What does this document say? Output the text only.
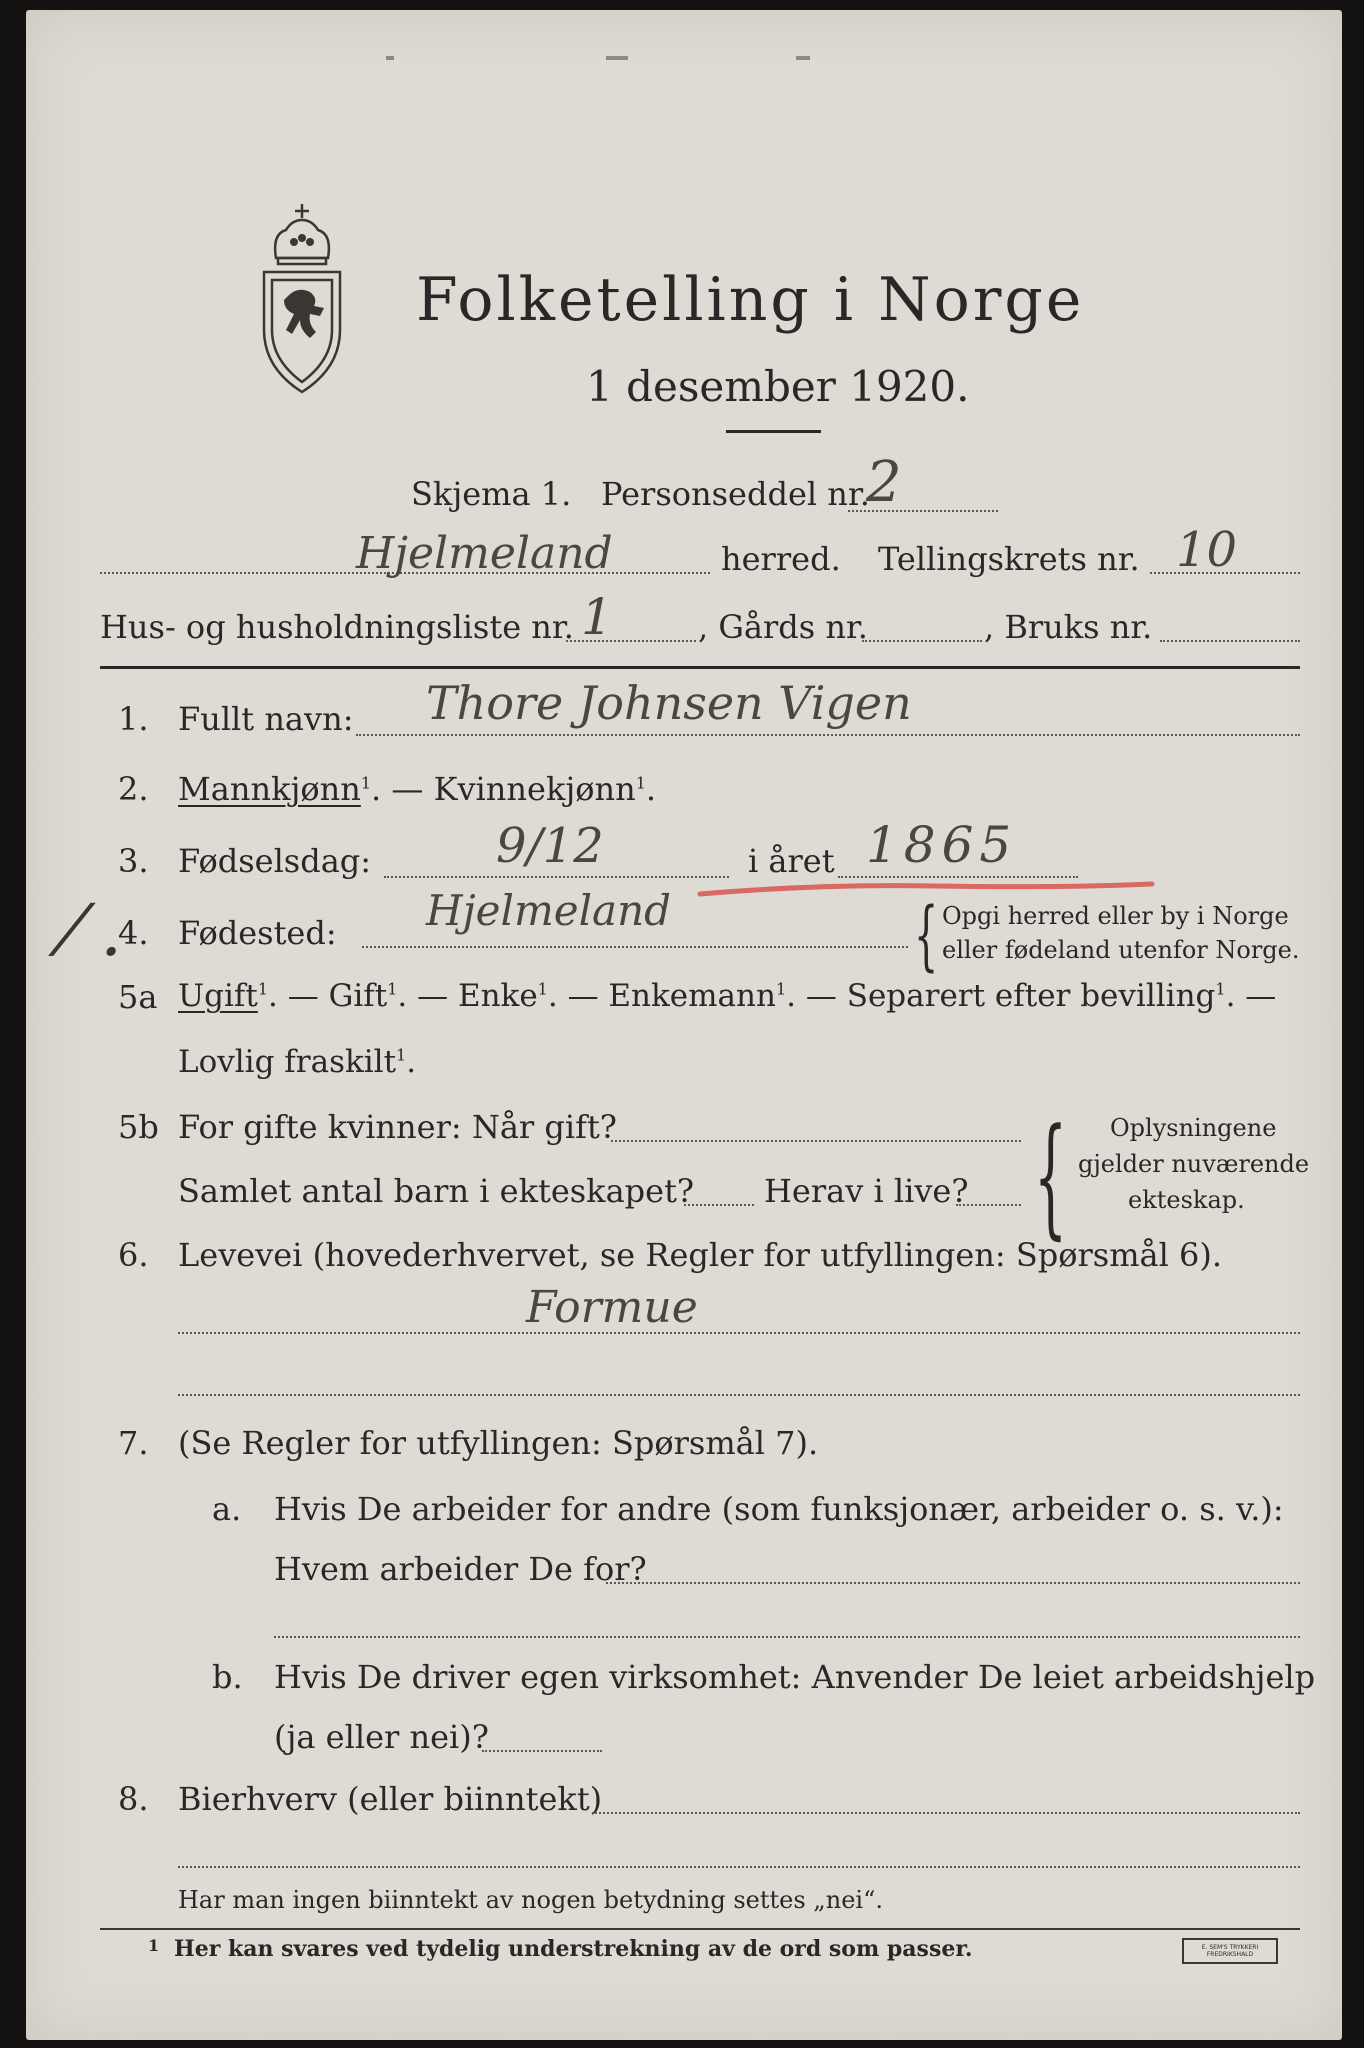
Folketelling i Norge
1 desember 1920.
Skjema 1. Personseddel nr.
2
Hjelmeland	herred. Tellingskrets nr. 10
Hus- og husholdningsliste nr. 1	, Gårds nr.	, Bruks nr.
1. Fullt navn: Thore Johnsen Vigen
2. Mannkjønn$^1$. — Kvinnekjønn$^1$.
3. Fødselsdag:	9/12	i året 1865
⁄ .
4. Fødested: Hjelmeland	{ Opgi herred eller by i Norge
eller fødeland utenfor Norge.
5a Ugift$^1$. — Gift$^1$. — Enke$^1$. — Enkemann$^1$. — Separert efter bevilling$^1$. —
Lovlig fraskilt$^1$.
5b For gifte kvinner: Når gift?
Samlet antal barn i ekteskapet? Herav i live? { Oplysningene
gjelder nuværende
ekteskap.
6. Levevei (hovederhvervet, se Regler for utfyllingen: Spørsmål 6).
Formue
7. (Se Regler for utfyllingen: Spørsmål 7).
a. Hvis De arbeider for andre (som funksjonær, arbeider o. s. v.):
Hvem arbeider De for?
b. Hvis De driver egen virksomhet: Anvender De leiet arbeidshjelp
(ja eller nei)?
8. Bierhverv (eller biinntekt)
Har man ingen biinntekt av nogen betydning settes „nei“.
1 Her kan svares ved tydelig understrekning av de ord som passer.	E. SEM'S TRYKKERI FREDRIKSHALD
